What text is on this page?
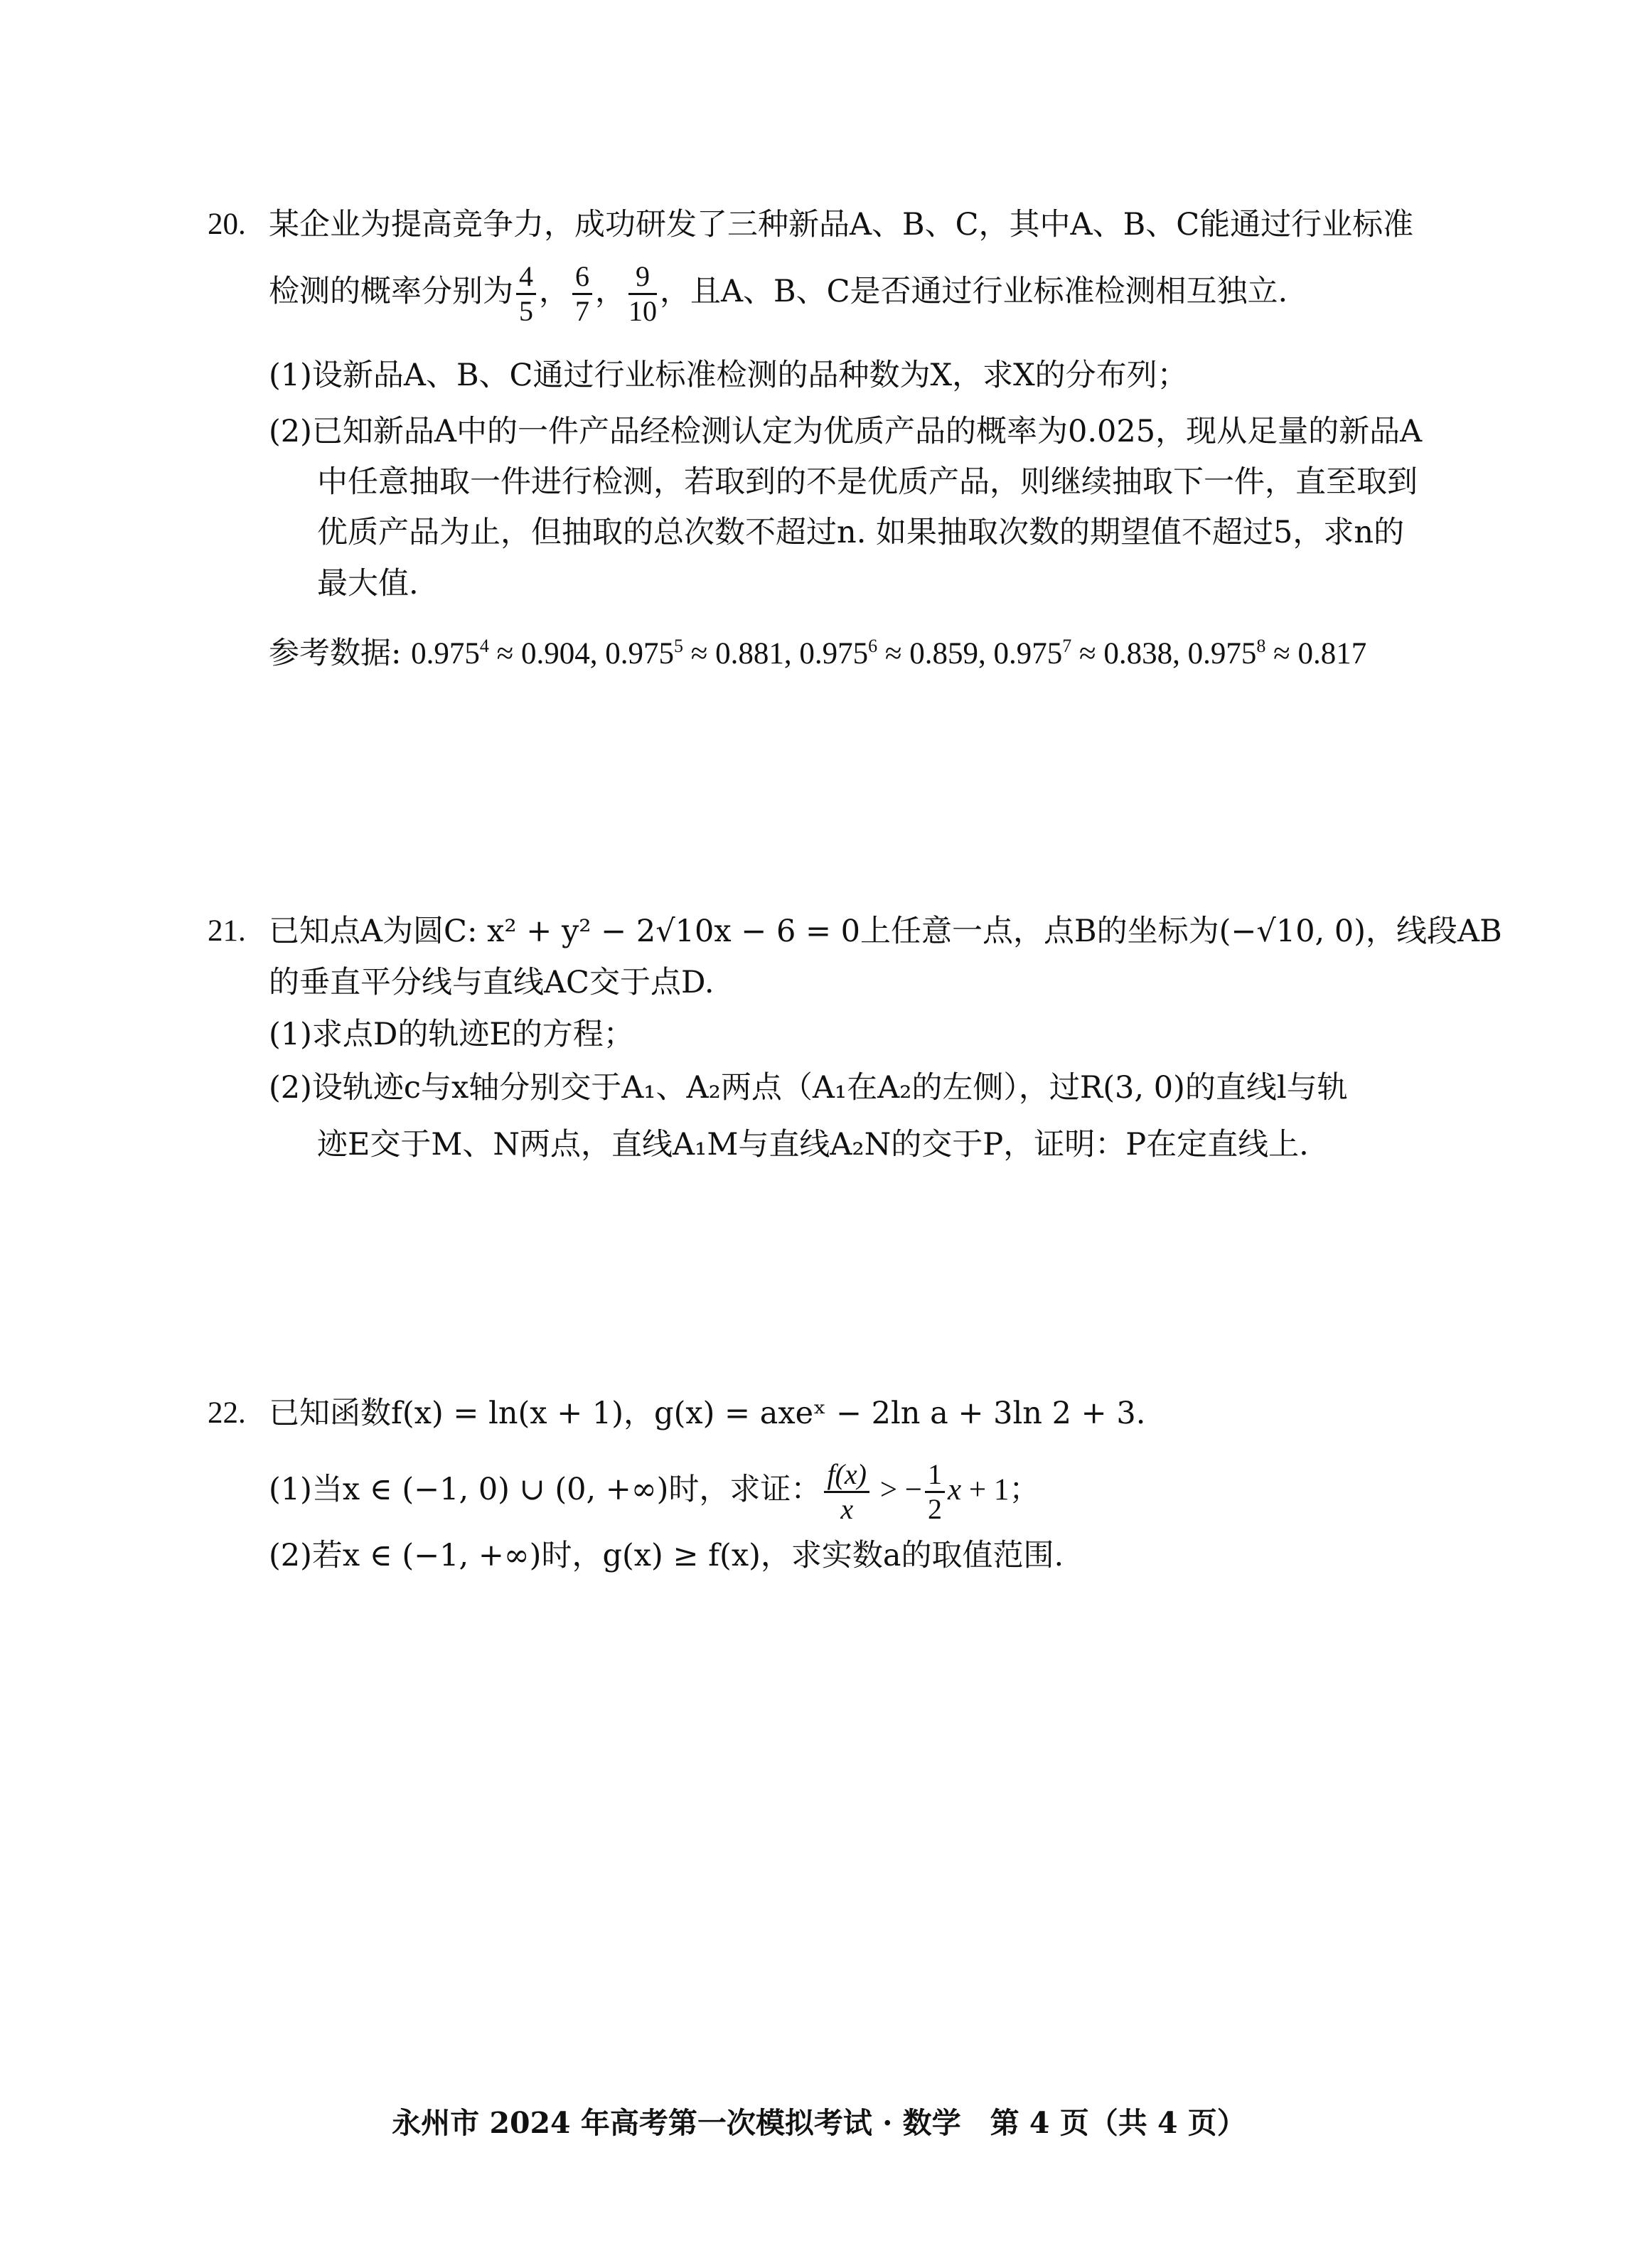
20. 某企业为提高竞争力，成功研发了三种新品A、B、C，其中A、B、C能通过行业标准
检测的概率分别为 $\frac{4}{5}$ ， $\frac{6}{7}$ ， $\frac{9}{10}$ ，且A、B、C是否通过行业标准检测相互独立.
(1)设新品A、B、C通过行业标准检测的品种数为X，求X的分布列；
(2)已知新品A中的一件产品经检测认定为优质产品的概率为0.025，现从足量的新品A
中任意抽取一件进行检测，若取到的不是优质产品，则继续抽取下一件，直至取到
优质产品为止，但抽取的总次数不超过n. 如果抽取次数的期望值不超过5，求n的
最大值.
参考数据: $0.975^4 \approx 0.904$, $0.975^5 \approx 0.881$, $0.975^6 \approx 0.859$, $0.975^7 \approx 0.838$, $0.975^8 \approx 0.817$
21. 已知点A为圆C: x² + y² − 2√10x − 6 = 0上任意一点，点B的坐标为(−√10, 0)，线段AB
的垂直平分线与直线AC交于点D.
(1)求点D的轨迹E的方程；
(2)设轨迹c与x轴分别交于A₁、A₂两点（A₁在A₂的左侧），过R(3, 0)的直线l与轨
迹E交于M、N两点，直线A₁M与直线A₂N的交于P，证明：P在定直线上.
22. 已知函数f(x) = ln(x + 1)，g(x) = axeˣ − 2ln a + 3ln 2 + 3.
(1)当x ∈ (−1, 0) ∪ (0, +∞)时，求证： $\frac{f(x)}{x}$ > − $\frac{1}{2}$ x + 1；
(2)若x ∈ (−1, +∞)时，g(x) ≥ f(x)，求实数a的取值范围.
永州市 2024 年高考第一次模拟考试 · 数学　第 4 页（共 4 页）
